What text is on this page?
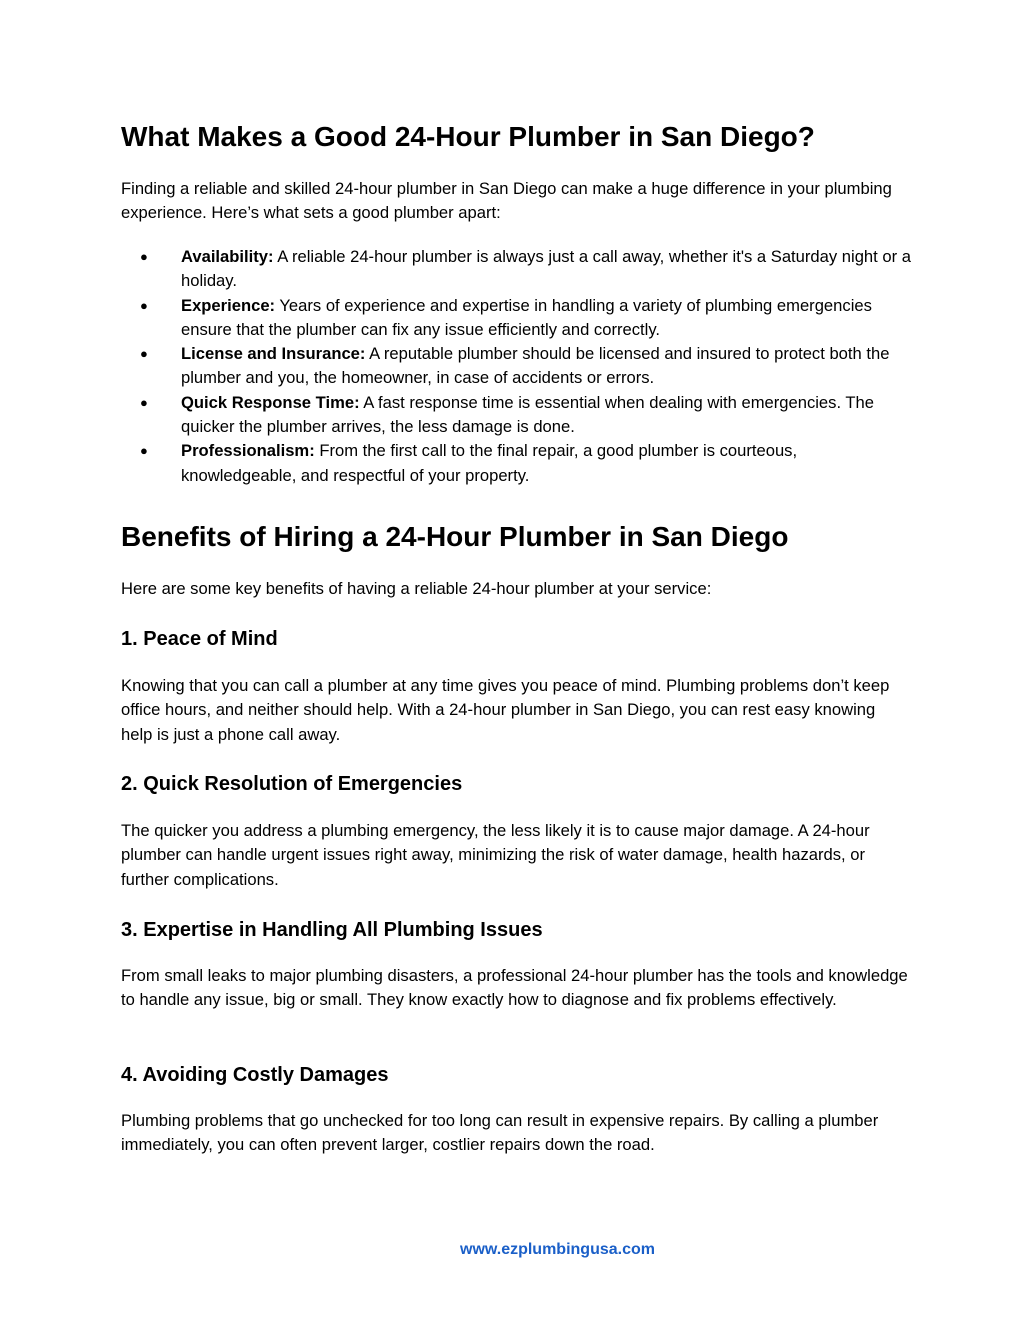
What Makes a Good 24-Hour Plumber in San Diego?

Finding a reliable and skilled 24-hour plumber in San Diego can make a huge difference in your plumbing experience. Here’s what sets a good plumber apart:

● Availability: A reliable 24-hour plumber is always just a call away, whether it's a Saturday night or a holiday.
● Experience: Years of experience and expertise in handling a variety of plumbing emergencies ensure that the plumber can fix any issue efficiently and correctly.
● License and Insurance: A reputable plumber should be licensed and insured to protect both the plumber and you, the homeowner, in case of accidents or errors.
● Quick Response Time: A fast response time is essential when dealing with emergencies. The quicker the plumber arrives, the less damage is done.
● Professionalism: From the first call to the final repair, a good plumber is courteous, knowledgeable, and respectful of your property.
Benefits of Hiring a 24-Hour Plumber in San Diego

Here are some key benefits of having a reliable 24-hour plumber at your service:

1. Peace of Mind

Knowing that you can call a plumber at any time gives you peace of mind. Plumbing problems don’t keep office hours, and neither should help. With a 24-hour plumber in San Diego, you can rest easy knowing help is just a phone call away.

2. Quick Resolution of Emergencies

The quicker you address a plumbing emergency, the less likely it is to cause major damage. A 24-hour plumber can handle urgent issues right away, minimizing the risk of water damage, health hazards, or further complications.

3. Expertise in Handling All Plumbing Issues

From small leaks to major plumbing disasters, a professional 24-hour plumber has the tools and knowledge to handle any issue, big or small. They know exactly how to diagnose and fix problems effectively.

4. Avoiding Costly Damages

Plumbing problems that go unchecked for too long can result in expensive repairs. By calling a plumber immediately, you can often prevent larger, costlier repairs down the road.

www.ezplumbingusa.com
